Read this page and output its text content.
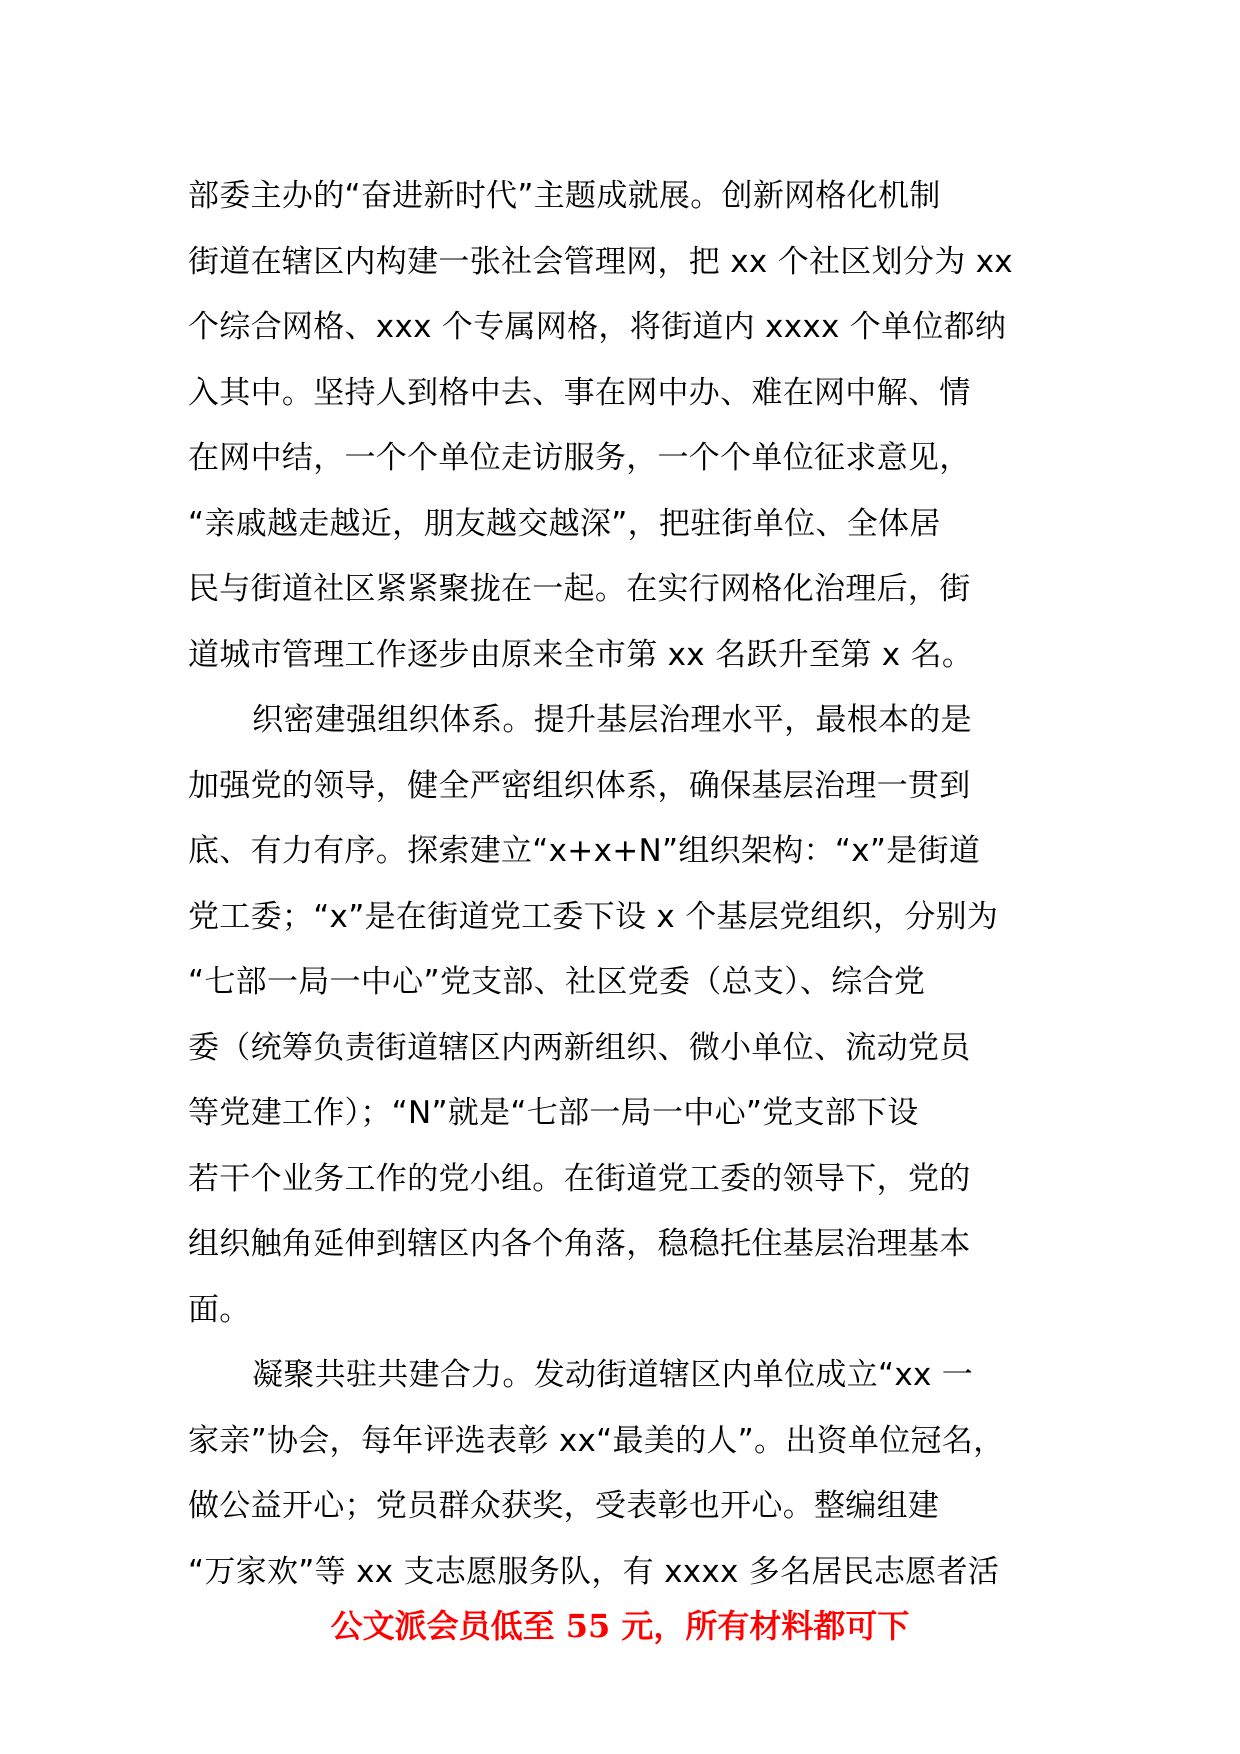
部委主办的“奋进新时代”主题成就展。创新网格化机制
街道在辖区内构建一张社会管理网，把 xx 个社区划分为 xx
个综合网格、xxx 个专属网格，将街道内 xxxx 个单位都纳
入其中。坚持人到格中去、事在网中办、难在网中解、情
在网中结，一个个单位走访服务，一个个单位征求意见，
“亲戚越走越近，朋友越交越深”，把驻街单位、全体居
民与街道社区紧紧聚拢在一起。在实行网格化治理后，街
道城市管理工作逐步由原来全市第 xx 名跃升至第 x 名。
织密建强组织体系。提升基层治理水平，最根本的是
加强党的领导，健全严密组织体系，确保基层治理一贯到
底、有力有序。探索建立“x+x+N”组织架构：“x”是街道
党工委；“x”是在街道党工委下设 x 个基层党组织，分别为
“七部一局一中心”党支部、社区党委（总支）、综合党
委（统筹负责街道辖区内两新组织、微小单位、流动党员
等党建工作）；“N”就是“七部一局一中心”党支部下设
若干个业务工作的党小组。在街道党工委的领导下，党的
组织触角延伸到辖区内各个角落，稳稳托住基层治理基本
面。
凝聚共驻共建合力。发动街道辖区内单位成立“xx 一
家亲”协会，每年评选表彰 xx“最美的人”。出资单位冠名，
做公益开心；党员群众获奖，受表彰也开心。整编组建
“万家欢”等 xx 支志愿服务队，有 xxxx 多名居民志愿者活
公文派会员低至 55 元，所有材料都可下
